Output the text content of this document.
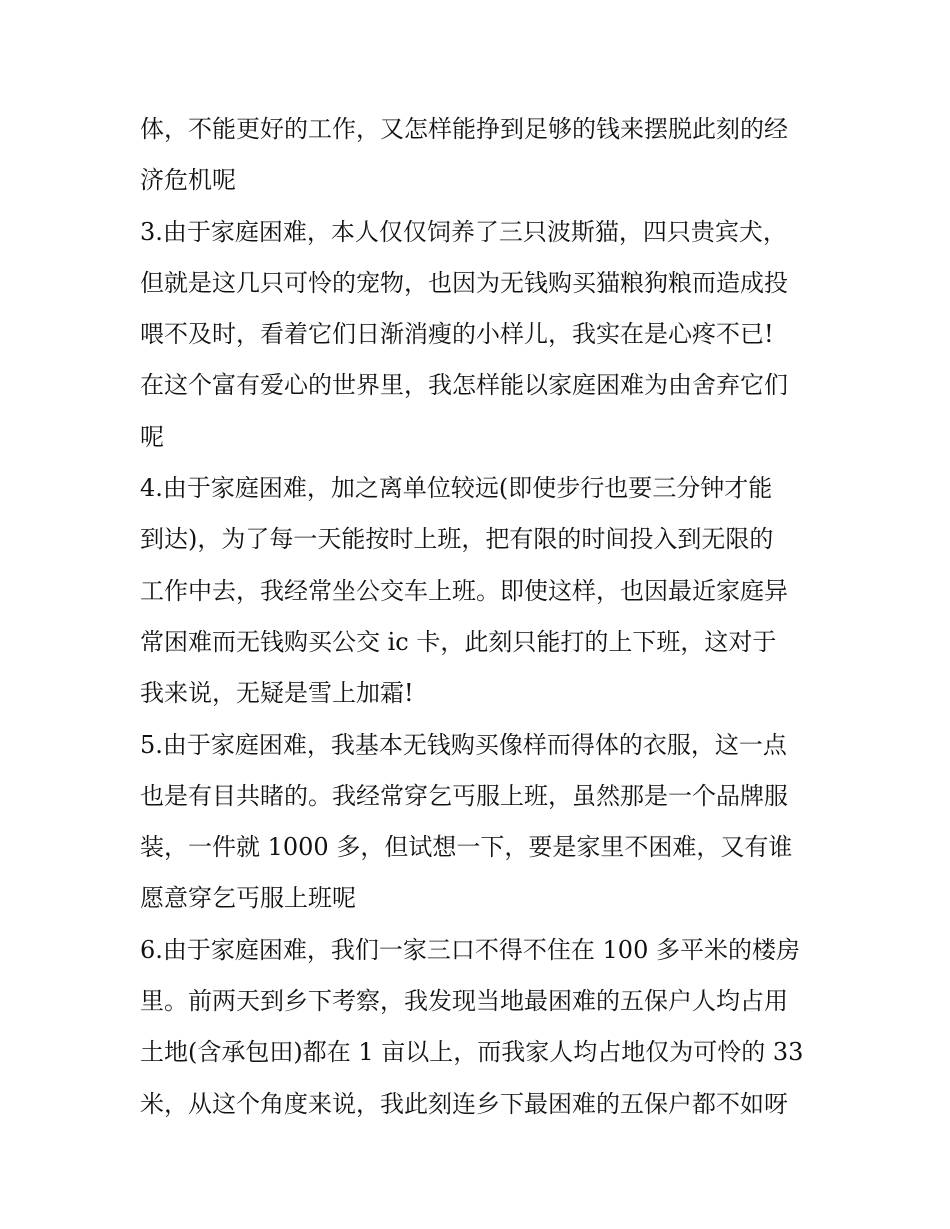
体，不能更好的工作，又怎样能挣到足够的钱来摆脱此刻的经
济危机呢
3.由于家庭困难，本人仅仅饲养了三只波斯猫，四只贵宾犬，
但就是这几只可怜的宠物，也因为无钱购买猫粮狗粮而造成投
喂不及时，看着它们日渐消瘦的小样儿，我实在是心疼不已!
在这个富有爱心的世界里，我怎样能以家庭困难为由舍弃它们
呢
4.由于家庭困难，加之离单位较远(即使步行也要三分钟才能
到达)，为了每一天能按时上班，把有限的时间投入到无限的
工作中去，我经常坐公交车上班。即使这样，也因最近家庭异
常困难而无钱购买公交 ic 卡，此刻只能打的上下班，这对于
我来说，无疑是雪上加霜!
5.由于家庭困难，我基本无钱购买像样而得体的衣服，这一点
也是有目共睹的。我经常穿乞丐服上班，虽然那是一个品牌服
装，一件就 1000 多，但试想一下，要是家里不困难，又有谁
愿意穿乞丐服上班呢
6.由于家庭困难，我们一家三口不得不住在 100 多平米的楼房
里。前两天到乡下考察，我发现当地最困难的五保户人均占用
土地(含承包田)都在 1 亩以上，而我家人均占地仅为可怜的 33
米，从这个角度来说，我此刻连乡下最困难的五保户都不如呀
